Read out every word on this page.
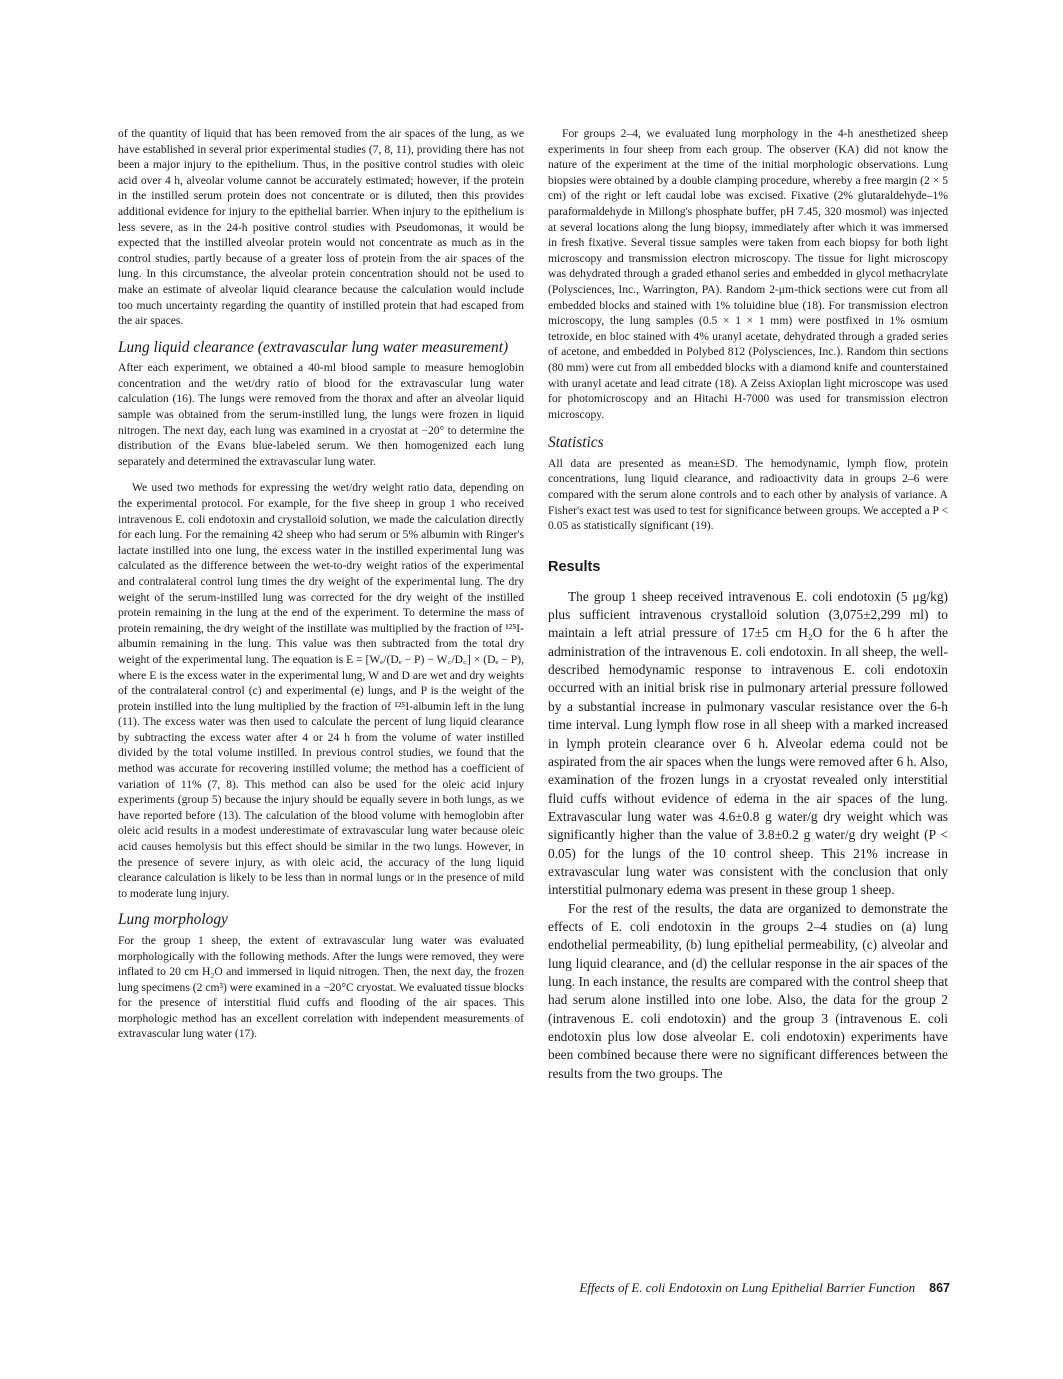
of the quantity of liquid that has been removed from the air spaces of the lung, as we have established in several prior experimental studies (7, 8, 11), providing there has not been a major injury to the epithelium. Thus, in the positive control studies with oleic acid over 4 h, alveolar volume cannot be accurately estimated; however, if the protein in the instilled serum protein does not concentrate or is diluted, then this provides additional evidence for injury to the epithelial barrier. When injury to the epithelium is less severe, as in the 24-h positive control studies with Pseudomonas, it would be expected that the instilled alveolar protein would not concentrate as much as in the control studies, partly because of a greater loss of protein from the air spaces of the lung. In this circumstance, the alveolar protein concentration should not be used to make an estimate of alveolar liquid clearance because the calculation would include too much uncertainty regarding the quantity of instilled protein that had escaped from the air spaces.

Lung liquid clearance (extravascular lung water measurement)

After each experiment, we obtained a 40-ml blood sample to measure hemoglobin concentration and the wet/dry ratio of blood for the extravascular lung water calculation (16). The lungs were removed from the thorax and after an alveolar liquid sample was obtained from the serum-instilled lung, the lungs were frozen in liquid nitrogen. The next day, each lung was examined in a cryostat at −20° to determine the distribution of the Evans blue-labeled serum. We then homogenized each lung separately and determined the extravascular lung water.

We used two methods for expressing the wet/dry weight ratio data, depending on the experimental protocol. For example, for the five sheep in group 1 who received intravenous E. coli endotoxin and crystalloid solution, we made the calculation directly for each lung. For the remaining 42 sheep who had serum or 5% albumin with Ringer's lactate instilled into one lung, the excess water in the instilled experimental lung was calculated as the difference between the wet-to-dry weight ratios of the experimental and contralateral control lung times the dry weight of the experimental lung. The dry weight of the serum-instilled lung was corrected for the dry weight of the instilled protein remaining in the lung at the end of the experiment. To determine the mass of protein remaining, the dry weight of the instillate was multiplied by the fraction of ¹²⁵I-albumin remaining in the lung. This value was then subtracted from the total dry weight of the experimental lung. The equation is E = [Wₑ/(Dₑ − P) − W꜀/D꜀] × (Dₑ − P), where E is the excess water in the experimental lung, W and D are wet and dry weights of the contralateral control (c) and experimental (e) lungs, and P is the weight of the protein instilled into the lung multiplied by the fraction of ¹²⁵I-albumin left in the lung (11). The excess water was then used to calculate the percent of lung liquid clearance by subtracting the excess water after 4 or 24 h from the volume of water instilled divided by the total volume instilled. In previous control studies, we found that the method was accurate for recovering instilled volume; the method has a coefficient of variation of 11% (7, 8). This method can also be used for the oleic acid injury experiments (group 5) because the injury should be equally severe in both lungs, as we have reported before (13). The calculation of the blood volume with hemoglobin after oleic acid results in a modest underestimate of extravascular lung water because oleic acid causes hemolysis but this effect should be similar in the two lungs. However, in the presence of severe injury, as with oleic acid, the accuracy of the lung liquid clearance calculation is likely to be less than in normal lungs or in the presence of mild to moderate lung injury.

Lung morphology

For the group 1 sheep, the extent of extravascular lung water was evaluated morphologically with the following methods. After the lungs were removed, they were inflated to 20 cm H₂O and immersed in liquid nitrogen. Then, the next day, the frozen lung specimens (2 cm³) were examined in a −20°C cryostat. We evaluated tissue blocks for the presence of interstitial fluid cuffs and flooding of the air spaces. This morphologic method has an excellent correlation with independent measurements of extravascular lung water (17).

For groups 2–4, we evaluated lung morphology in the 4-h anesthetized sheep experiments in four sheep from each group. The observer (KA) did not know the nature of the experiment at the time of the initial morphologic observations. Lung biopsies were obtained by a double clamping procedure, whereby a free margin (2 × 5 cm) of the right or left caudal lobe was excised. Fixative (2% glutaraldehyde–1% paraformaldehyde in Millong's phosphate buffer, pH 7.45, 320 mosmol) was injected at several locations along the lung biopsy, immediately after which it was immersed in fresh fixative. Several tissue samples were taken from each biopsy for both light microscopy and transmission electron microscopy. The tissue for light microscopy was dehydrated through a graded ethanol series and embedded in glycol methacrylate (Polysciences, Inc., Warrington, PA). Random 2-μm-thick sections were cut from all embedded blocks and stained with 1% toluidine blue (18). For transmission electron microscopy, the lung samples (0.5 × 1 × 1 mm) were postfixed in 1% osmium tetroxide, en bloc stained with 4% uranyl acetate, dehydrated through a graded series of acetone, and embedded in Polybed 812 (Polysciences, Inc.). Random thin sections (80 mm) were cut from all embedded blocks with a diamond knife and counterstained with uranyl acetate and lead citrate (18). A Zeiss Axioplan light microscope was used for photomicroscopy and an Hitachi H-7000 was used for transmission electron microscopy.

Statistics

All data are presented as mean±SD. The hemodynamic, lymph flow, protein concentrations, lung liquid clearance, and radioactivity data in groups 2–6 were compared with the serum alone controls and to each other by analysis of variance. A Fisher's exact test was used to test for significance between groups. We accepted a P < 0.05 as statistically significant (19).

Results

The group 1 sheep received intravenous E. coli endotoxin (5 μg/kg) plus sufficient intravenous crystalloid solution (3,075±2,299 ml) to maintain a left atrial pressure of 17±5 cm H₂O for the 6 h after the administration of the intravenous E. coli endotoxin. In all sheep, the well-described hemodynamic response to intravenous E. coli endotoxin occurred with an initial brisk rise in pulmonary arterial pressure followed by a substantial increase in pulmonary vascular resistance over the 6-h time interval. Lung lymph flow rose in all sheep with a marked increased in lymph protein clearance over 6 h. Alveolar edema could not be aspirated from the air spaces when the lungs were removed after 6 h. Also, examination of the frozen lungs in a cryostat revealed only interstitial fluid cuffs without evidence of edema in the air spaces of the lung. Extravascular lung water was 4.6±0.8 g water/g dry weight which was significantly higher than the value of 3.8±0.2 g water/g dry weight (P < 0.05) for the lungs of the 10 control sheep. This 21% increase in extravascular lung water was consistent with the conclusion that only interstitial pulmonary edema was present in these group 1 sheep.

For the rest of the results, the data are organized to demonstrate the effects of E. coli endotoxin in the groups 2–4 studies on (a) lung endothelial permeability, (b) lung epithelial permeability, (c) alveolar and lung liquid clearance, and (d) the cellular response in the air spaces of the lung. In each instance, the results are compared with the control sheep that had serum alone instilled into one lobe. Also, the data for the group 2 (intravenous E. coli endotoxin) and the group 3 (intravenous E. coli endotoxin plus low dose alveolar E. coli endotoxin) experiments have been combined because there were no significant differences between the results from the two groups. The

Effects of E. coli Endotoxin on Lung Epithelial Barrier Function 867
